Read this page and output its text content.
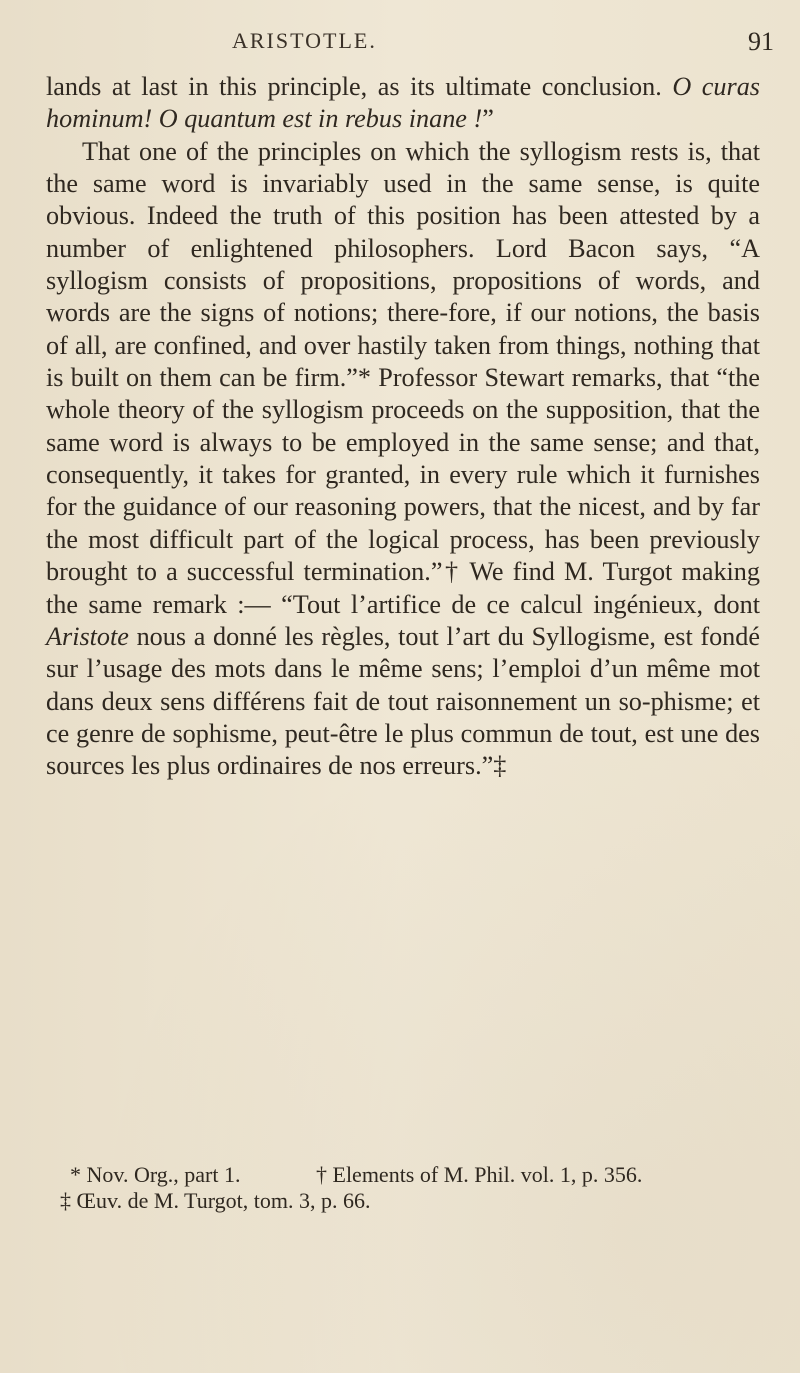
ARISTOTLE.	91

lands at last in this principle, as its ultimate conclusion. O curas hominum! O quantum est in rebus inane !”

That one of the principles on which the syllogism rests is, that the same word is invariably used in the same sense, is quite obvious. Indeed the truth of this position has been attested by a number of enlightened philosophers. Lord Bacon says, “A syllogism consists of propositions, propositions of words, and words are the signs of notions; there-fore, if our notions, the basis of all, are confined, and over hastily taken from things, nothing that is built on them can be firm.”* Professor Stewart remarks, that “the whole theory of the syllogism proceeds on the supposition, that the same word is always to be employed in the same sense; and that, consequently, it takes for granted, in every rule which it furnishes for the guidance of our reasoning powers, that the nicest, and by far the most difficult part of the logical process, has been previously brought to a successful termination.”† We find M. Turgot making the same remark :— “Tout l’artifice de ce calcul ingénieux, dont Aristote nous a donné les règles, tout l’art du Syllogisme, est fondé sur l’usage des mots dans le même sens; l’emploi d’un même mot dans deux sens différens fait de tout raisonnement un so-phisme; et ce genre de sophisme, peut-être le plus commun de tout, est une des sources les plus ordinaires de nos erreurs.”‡

* Nov. Org., part 1.	† Elements of M. Phil. vol. 1, p. 356.
‡ Œuv. de M. Turgot, tom. 3, p. 66.
